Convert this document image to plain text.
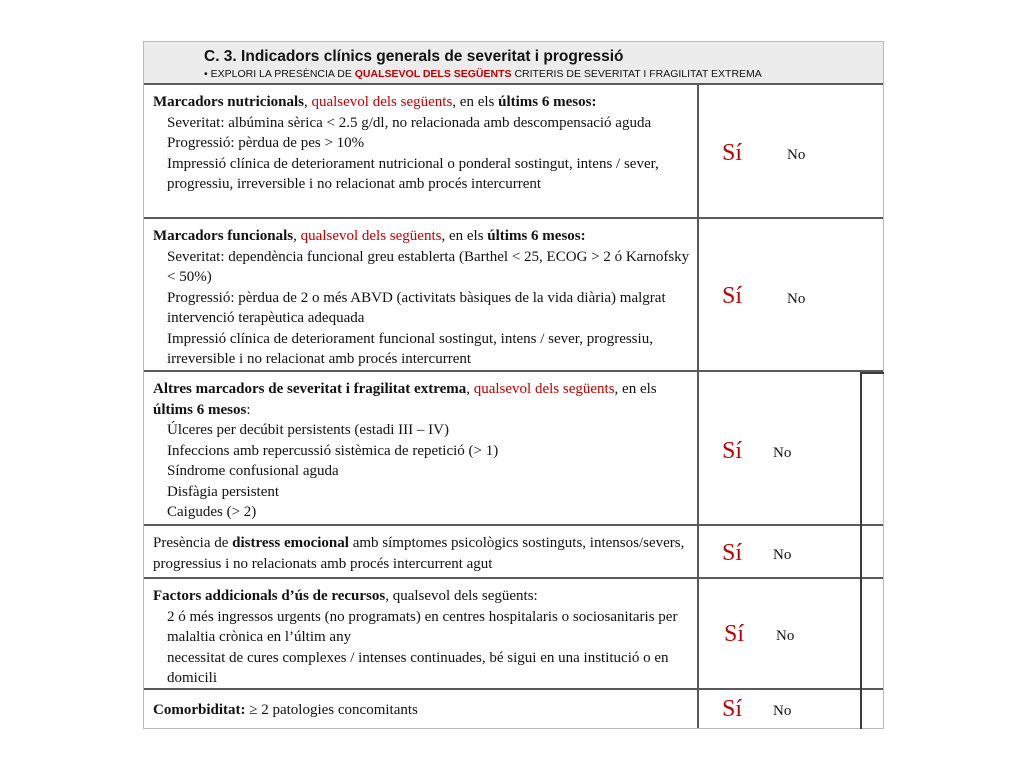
C. 3. Indicadors clínics generals de severitat i progressió
• EXPLORI LA PRESÈNCIA DE QUALSEVOL DELS SEGÜENTS CRITERIS DE SEVERITAT I FRAGILITAT EXTREMA

Marcadors nutricionals, qualsevol dels següents, en els últims 6 mesos:

Severitat: albúmina sèrica < 2.5 g/dl, no relacionada amb descompensació aguda

Progressió: pèrdua de pes > 10%

Impressió clínica de deteriorament nutricional o ponderal sostingut, intens / sever, progressiu, irreversible i no relacionat amb procés intercurrent

Sí	No

Marcadors funcionals, qualsevol dels següents, en els últims 6 mesos:

Severitat: dependència funcional greu establerta (Barthel < 25, ECOG > 2 ó Karnofsky < 50%)

Progressió: pèrdua de 2 o més ABVD (activitats bàsiques de la vida diària) malgrat intervenció terapèutica adequada

Impressió clínica de deteriorament funcional sostingut, intens / sever, progressiu, irreversible i no relacionat amb procés intercurrent

Sí	No

Altres marcadors de severitat i fragilitat extrema, qualsevol dels següents, en els últims 6 mesos:

Úlceres per decúbit persistents (estadi III – IV)

Infeccions amb repercussió sistèmica de repetició (> 1)

Síndrome confusional aguda

Disfàgia persistent

Caigudes (> 2)

Sí No

Presència de distress emocional amb símptomes psicològics sostinguts, intensos/severs, progressius i no relacionats amb procés intercurrent agut	Sí No

Factors addicionals d’ús de recursos, qualsevol dels següents:

2 ó més ingressos urgents (no programats) en centres hospitalaris o sociosanitaris per malaltia crònica en l’últim any

necessitat de cures complexes / intenses continuades, bé sigui en una institució o en domicili

Sí No

Comorbiditat: ≥ 2 patologies concomitants	Sí No
